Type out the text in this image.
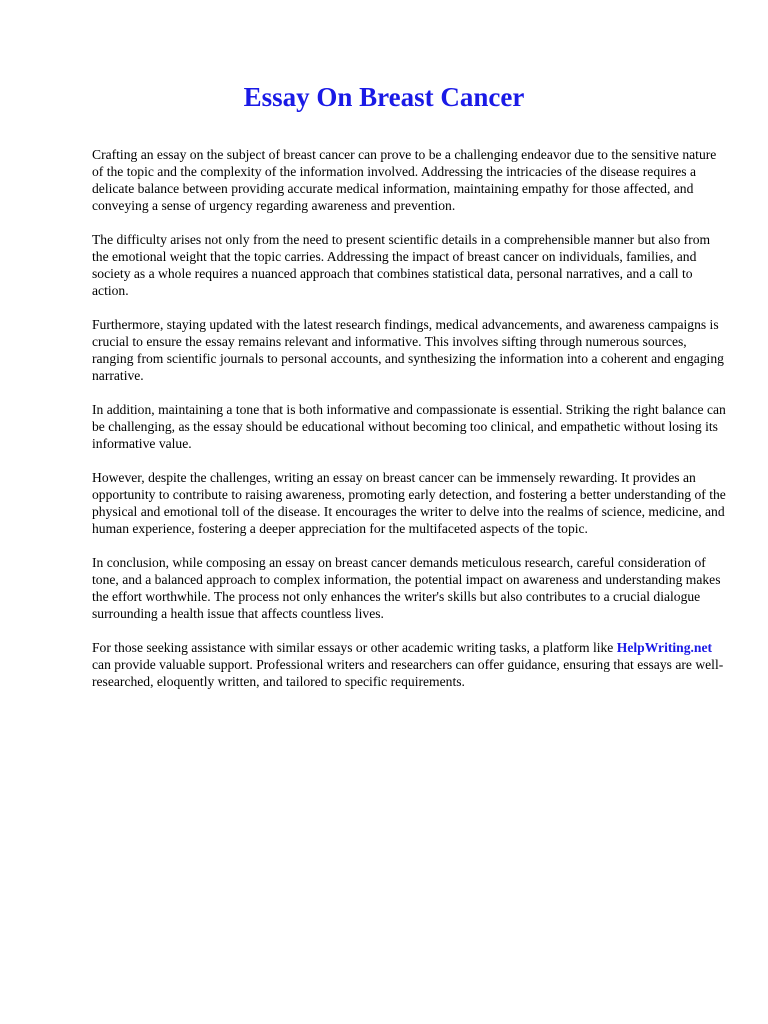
Essay On Breast Cancer

Crafting an essay on the subject of breast cancer can prove to be a challenging endeavor due to the sensitive nature of the topic and the complexity of the information involved. Addressing the intricacies of the disease requires a delicate balance between providing accurate medical information, maintaining empathy for those affected, and conveying a sense of urgency regarding awareness and prevention.

The difficulty arises not only from the need to present scientific details in a comprehensible manner but also from the emotional weight that the topic carries. Addressing the impact of breast cancer on individuals, families, and society as a whole requires a nuanced approach that combines statistical data, personal narratives, and a call to action.

Furthermore, staying updated with the latest research findings, medical advancements, and awareness campaigns is crucial to ensure the essay remains relevant and informative. This involves sifting through numerous sources, ranging from scientific journals to personal accounts, and synthesizing the information into a coherent and engaging narrative.

In addition, maintaining a tone that is both informative and compassionate is essential. Striking the right balance can be challenging, as the essay should be educational without becoming too clinical, and empathetic without losing its informative value.

However, despite the challenges, writing an essay on breast cancer can be immensely rewarding. It provides an opportunity to contribute to raising awareness, promoting early detection, and fostering a better understanding of the physical and emotional toll of the disease. It encourages the writer to delve into the realms of science, medicine, and human experience, fostering a deeper appreciation for the multifaceted aspects of the topic.

In conclusion, while composing an essay on breast cancer demands meticulous research, careful consideration of tone, and a balanced approach to complex information, the potential impact on awareness and understanding makes the effort worthwhile. The process not only enhances the writer's skills but also contributes to a crucial dialogue surrounding a health issue that affects countless lives.

For those seeking assistance with similar essays or other academic writing tasks, a platform like HelpWriting.net can provide valuable support. Professional writers and researchers can offer guidance, ensuring that essays are well-researched, eloquently written, and tailored to specific requirements.
